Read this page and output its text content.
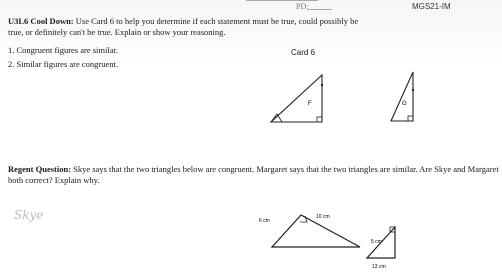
PD:	MGS21-IM
U3L6 Cool Down: Use Card 6 to help you determine if each statement must be true, could possibly be
true, or definitely can't be true. Explain or show your reasoning.
1. Congruent figures are similar.
2. Similar figures are congruent.
Card 6
F	G
Regent Question: Skye says that the two triangles below are congruent. Margaret says that the two triangles are similar. Are Skye and Margaret both correct? Explain why.
Skye	6 cm
10 cm
5 cm
13 cm
